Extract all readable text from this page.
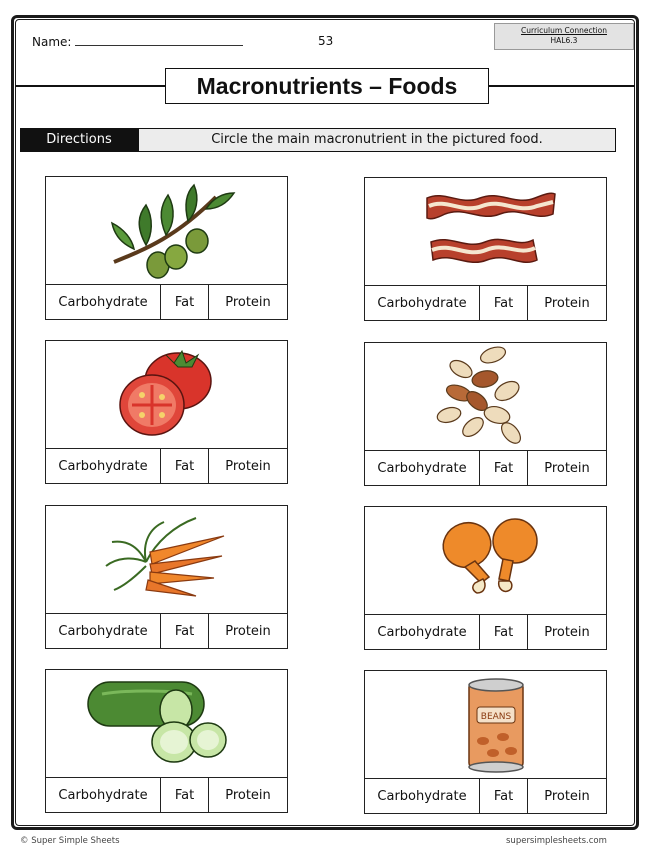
Name:	53
Curriculum Connection
HAL6.3
Macronutrients – Foods
Directions	Circle the main macronutrient in the pictured food.
Carbohydrate	Fat	Protein	Carbohydrate	Fat	Protein
Carbohydrate	Fat	Protein	Carbohydrate	Fat	Protein
Carbohydrate	Fat	Protein	Carbohydrate	Fat	Protein
Carbohydrate	Fat	Protein
BEANS
Carbohydrate	Fat	Protein
© Super Simple Sheets	supersimplesheets.com
